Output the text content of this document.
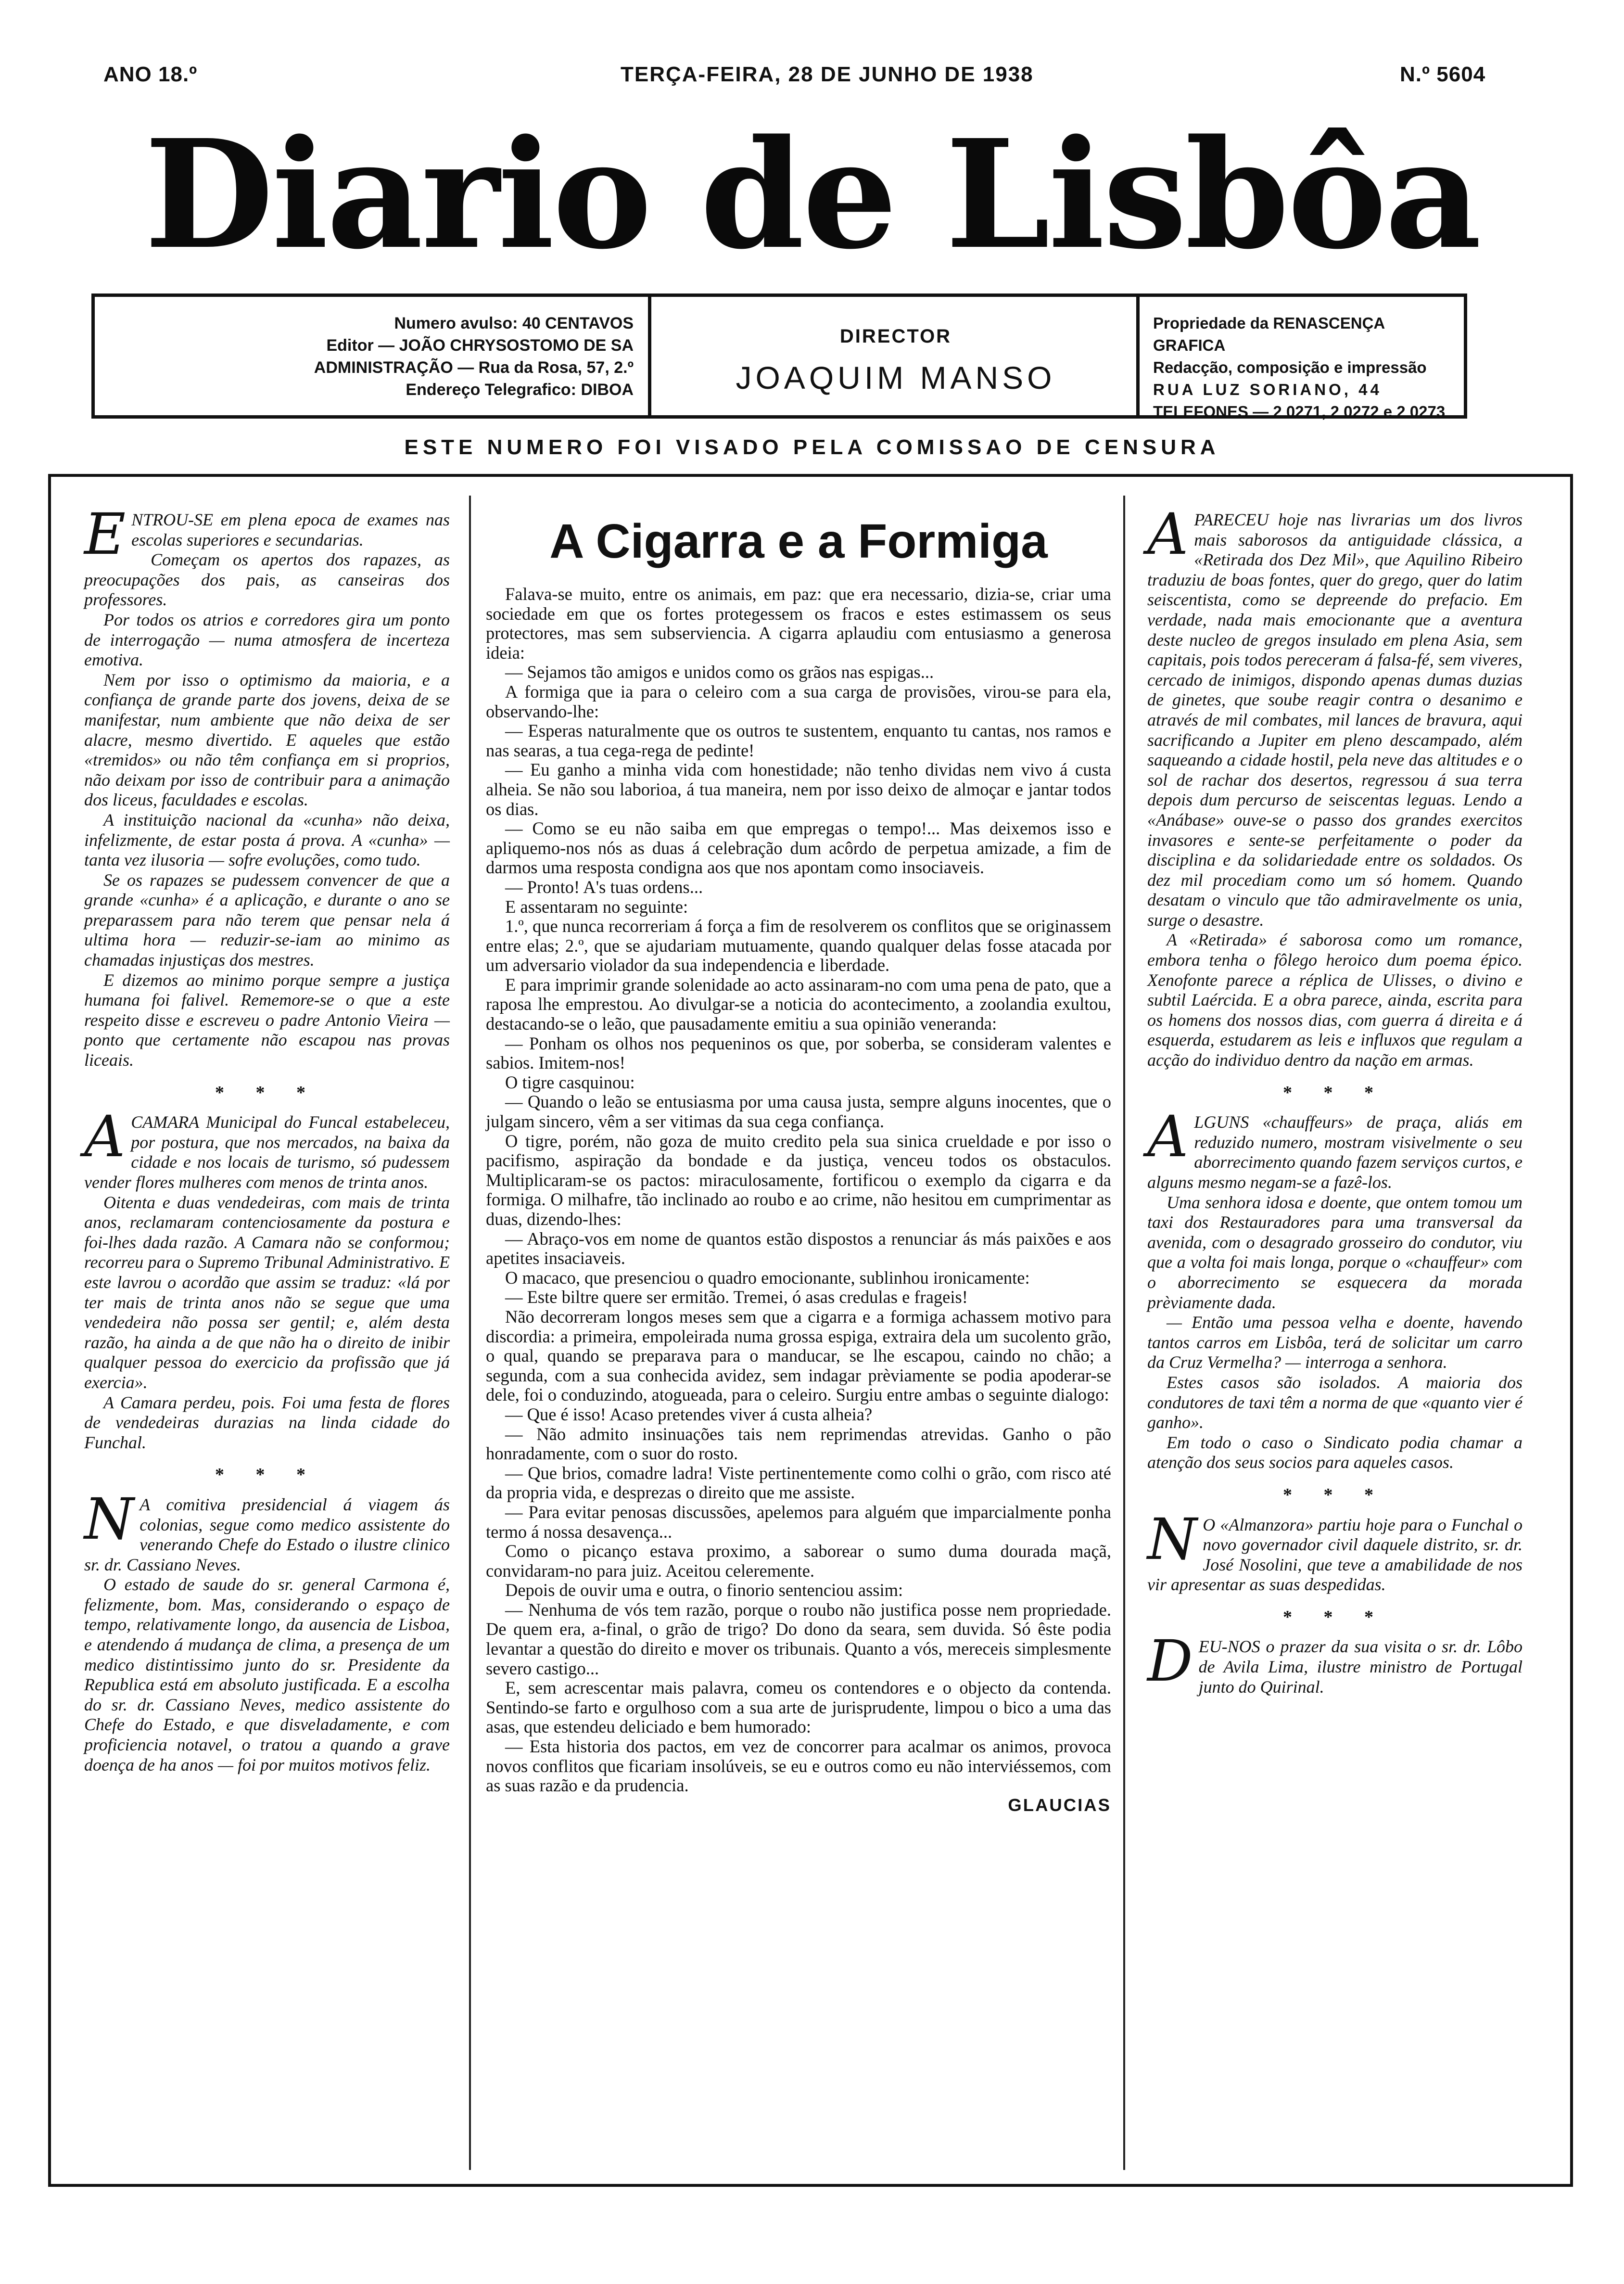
ANO 18.º	TERÇA-FEIRA, 28 DE JUNHO DE 1938	N.º 5604
Diario de Lisbôa
Numero avulso: 40 CENTAVOS
Editor — JOÃO CHRYSOSTOMO DE SA
ADMINISTRAÇÃO — Rua da Rosa, 57, 2.º
Endereço Telegrafico: DIBOA
DIRECTOR
JOAQUIM MANSO
Propriedade da RENASCENÇA GRAFICA
Redacção, composição e impressão
RUA LUZ SORIANO, 44
TELEFONES — 2 0271, 2 0272 e 2 0273
ESTE NUMERO FOI VISADO PELA COMISSAO DE CENSURA

ENTROU-SE em plena epoca de exames nas escolas superiores e secundarias.

Começam os apertos dos rapazes, as preocupações dos pais, as canseiras dos professores.

Por todos os atrios e corredores gira um ponto de interrogação — numa atmosfera de incerteza emotiva.

Nem por isso o optimismo da maioria, e a confiança de grande parte dos jovens, deixa de se manifestar, num ambiente que não deixa de ser alacre, mesmo divertido. E aqueles que estão «tremidos» ou não têm confiança em si proprios, não deixam por isso de contribuir para a animação dos liceus, faculdades e escolas.

A instituição nacional da «cunha» não deixa, infelizmente, de estar posta á prova. A «cunha» — tanta vez ilusoria — sofre evoluções, como tudo.

Se os rapazes se pudessem convencer de que a grande «cunha» é a aplicação, e durante o ano se preparassem para não terem que pensar nela á ultima hora — reduzir-se-iam ao minimo as chamadas injustiças dos mestres.

E dizemos ao minimo porque sempre a justiça humana foi falivel. Rememore-se o que a este respeito disse e escreveu o padre Antonio Vieira — ponto que certamente não escapou nas provas liceais.

* * *

ACAMARA Municipal do Funcal estabeleceu, por postura, que nos mercados, na baixa da cidade e nos locais de turismo, só pudessem vender flores mulheres com menos de trinta anos.

Oitenta e duas vendedeiras, com mais de trinta anos, reclamaram contenciosamente da postura e foi-lhes dada razão. A Camara não se conformou; recorreu para o Supremo Tribunal Administrativo. E este lavrou o acordão que assim se traduz: «lá por ter mais de trinta anos não se segue que uma vendedeira não possa ser gentil; e, além desta razão, ha ainda a de que não ha o direito de inibir qualquer pessoa do exercicio da profissão que já exercia».

A Camara perdeu, pois. Foi uma festa de flores de vendedeiras durazias na linda cidade do Funchal.

* * *

N A comitiva presidencial á viagem ás colonias, segue como medico assistente do venerando Chefe do Estado o ilustre clinico sr. dr. Cassiano Neves.

O estado de saude do sr. general Carmona é, felizmente, bom. Mas, considerando o espaço de tempo, relativamente longo, da ausencia de Lisboa, e atendendo á mudança de clima, a presença de um medico distintissimo junto do sr. Presidente da Republica está em absoluto justificada. E a escolha do sr. dr. Cassiano Neves, medico assistente do Chefe do Estado, e que disveladamente, e com proficiencia notavel, o tratou a quando a grave doença de ha anos — foi por muitos motivos feliz.

A Cigarra e a Formiga

Falava-se muito, entre os animais, em paz: que era necessario, dizia-se, criar uma sociedade em que os fortes protegessem os fracos e estes estimassem os seus protectores, mas sem subserviencia. A cigarra aplaudiu com entusiasmo a generosa ideia:

— Sejamos tão amigos e unidos como os grãos nas espigas...

A formiga que ia para o celeiro com a sua carga de provisões, virou-se para ela, observando-lhe:

— Esperas naturalmente que os outros te sustentem, enquanto tu cantas, nos ramos e nas searas, a tua cega-rega de pedinte!

— Eu ganho a minha vida com honestidade; não tenho dividas nem vivo á custa alheia. Se não sou laborioa, á tua maneira, nem por isso deixo de almoçar e jantar todos os dias.

— Como se eu não saiba em que empregas o tempo!... Mas deixemos isso e apliquemo-nos nós as duas á celebração dum acôrdo de perpetua amizade, a fim de darmos uma resposta condigna aos que nos apontam como insociaveis.

— Pronto! A's tuas ordens...

E assentaram no seguinte:

1.º, que nunca recorreriam á força a fim de resolverem os conflitos que se originassem entre elas; 2.º, que se ajudariam mutuamente, quando qualquer delas fosse atacada por um adversario violador da sua independencia e liberdade.

E para imprimir grande solenidade ao acto assinaram-no com uma pena de pato, que a raposa lhe emprestou. Ao divulgar-se a noticia do acontecimento, a zoolandia exultou, destacando-se o leão, que pausadamente emitiu a sua opinião veneranda:

— Ponham os olhos nos pequeninos os que, por soberba, se consideram valentes e sabios. Imitem-nos!

O tigre casquinou:

— Quando o leão se entusiasma por uma causa justa, sempre alguns inocentes, que o julgam sincero, vêm a ser vitimas da sua cega confiança.

O tigre, porém, não goza de muito credito pela sua sinica crueldade e por isso o pacifismo, aspiração da bondade e da justiça, venceu todos os obstaculos. Multiplicaram-se os pactos: miraculosamente, fortificou o exemplo da cigarra e da formiga. O milhafre, tão inclinado ao roubo e ao crime, não hesitou em cumprimentar as duas, dizendo-lhes:

— Abraço-vos em nome de quantos estão dispostos a renunciar ás más paixões e aos apetites insaciaveis.

O macaco, que presenciou o quadro emocionante, sublinhou ironicamente:

— Este biltre quere ser ermitão. Tremei, ó asas credulas e frageis!

Não decorreram longos meses sem que a cigarra e a formiga achassem motivo para discordia: a primeira, empoleirada numa grossa espiga, extraira dela um sucolento grão, o qual, quando se preparava para o manducar, se lhe escapou, caindo no chão; a segunda, com a sua conhecida avidez, sem indagar prèviamente se podia apoderar-se dele, foi o conduzindo, atogueada, para o celeiro. Surgiu entre ambas o seguinte dialogo:

— Que é isso! Acaso pretendes viver á custa alheia?

— Não admito insinuações tais nem reprimendas atrevidas. Ganho o pão honradamente, com o suor do rosto.

— Que brios, comadre ladra! Viste pertinentemente como colhi o grão, com risco até da propria vida, e desprezas o direito que me assiste.

— Para evitar penosas discussões, apelemos para alguém que imparcialmente ponha termo á nossa desavença...

Como o picanço estava proximo, a saborear o sumo duma dourada maçã, convidaram-no para juiz. Aceitou celeremente.

Depois de ouvir uma e outra, o finorio sentenciou assim:

— Nenhuma de vós tem razão, porque o roubo não justifica posse nem propriedade. De quem era, a-final, o grão de trigo? Do dono da seara, sem duvida. Só êste podia levantar a questão do direito e mover os tribunais. Quanto a vós, mereceis simplesmente severo castigo...

E, sem acrescentar mais palavra, comeu os contendores e o objecto da contenda. Sentindo-se farto e orgulhoso com a sua arte de jurisprudente, limpou o bico a uma das asas, que estendeu deliciado e bem humorado:

— Esta historia dos pactos, em vez de concorrer para acalmar os animos, provoca novos conflitos que ficariam insolúveis, se eu e outros como eu não interviéssemos, com as suas razão e da prudencia.

GLAUCIAS

APARECEU hoje nas livrarias um dos livros mais saborosos da antiguidade clássica, a «Retirada dos Dez Mil», que Aquilino Ribeiro traduziu de boas fontes, quer do grego, quer do latim seiscentista, como se depreende do prefacio. Em verdade, nada mais emocionante que a aventura deste nucleo de gregos insulado em plena Asia, sem capitais, pois todos pereceram á falsa-fé, sem viveres, cercado de inimigos, dispondo apenas dumas duzias de ginetes, que soube reagir contra o desanimo e através de mil combates, mil lances de bravura, aqui sacrificando a Jupiter em pleno descampado, além saqueando a cidade hostil, pela neve das altitudes e o sol de rachar dos desertos, regressou á sua terra depois dum percurso de seiscentas leguas. Lendo a «Anábase» ouve-se o passo dos grandes exercitos invasores e sente-se perfeitamente o poder da disciplina e da solidariedade entre os soldados. Os dez mil procediam como um só homem. Quando desatam o vinculo que tão admiravelmente os unia, surge o desastre.

A «Retirada» é saborosa como um romance, embora tenha o fôlego heroico dum poema épico. Xenofonte parece a réplica de Ulisses, o divino e subtil Laércida. E a obra parece, ainda, escrita para os homens dos nossos dias, com guerra á direita e á esquerda, estudarem as leis e influxos que regulam a acção do individuo dentro da nação em armas.

* * *

ALGUNS «chauffeurs» de praça, aliás em reduzido numero, mostram visivelmente o seu aborrecimento quando fazem serviços curtos, e alguns mesmo negam-se a fazê-los.

Uma senhora idosa e doente, que ontem tomou um taxi dos Restauradores para uma transversal da avenida, com o desagrado grosseiro do condutor, viu que a volta foi mais longa, porque o «chauffeur» com o aborrecimento se esquecera da morada prèviamente dada.

— Então uma pessoa velha e doente, havendo tantos carros em Lisbôa, terá de solicitar um carro da Cruz Vermelha? — interroga a senhora.

Estes casos são isolados. A maioria dos condutores de taxi têm a norma de que «quanto vier é ganho».

Em todo o caso o Sindicato podia chamar a atenção dos seus socios para aqueles casos.

* * *

N O «Almanzora» partiu hoje para o Funchal o novo governador civil daquele distrito, sr. dr. José Nosolini, que teve a amabilidade de nos vir apresentar as suas despedidas.

* * *

DEU-NOS o prazer da sua visita o sr. dr. Lôbo de Avila Lima, ilustre ministro de Portugal junto do Quirinal.
